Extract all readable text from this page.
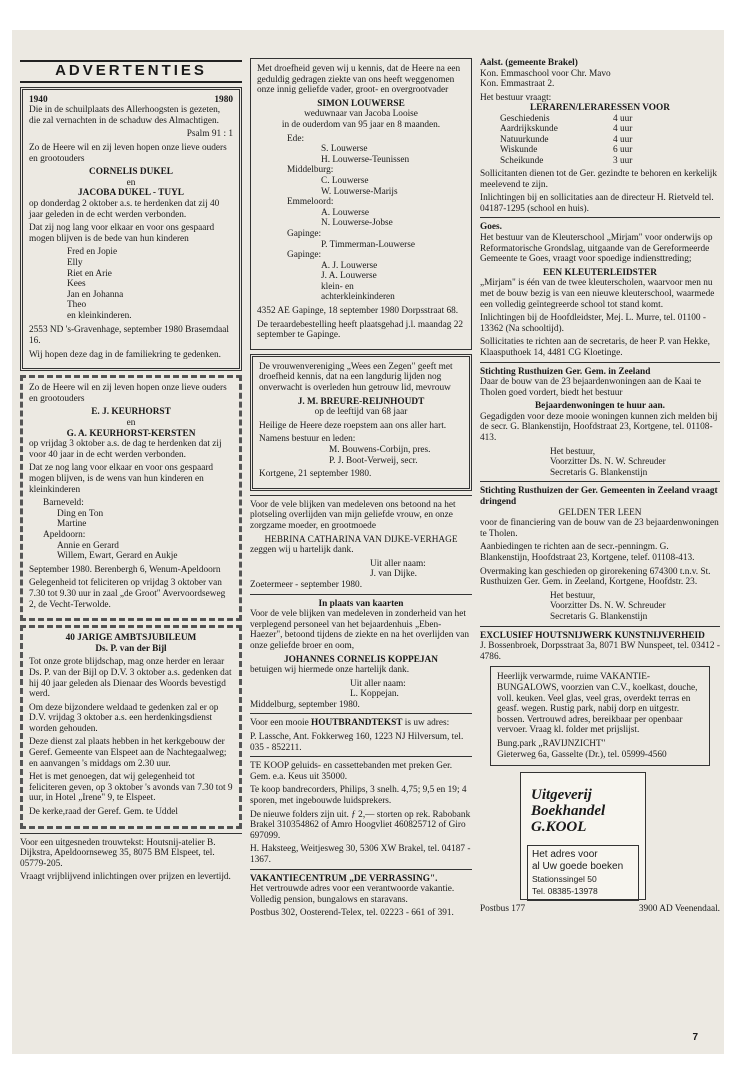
ADVERTENTIES
1940	1980

Die in de schuilplaats des Allerhoogsten is gezeten, die zal vernachten in de schaduw des Almachtigen.

Psalm 91 : 1

Zo de Heere wil en zij leven hopen onze lieve ouders en grootouders

CORNELIS DUKEL
en
JACOBA DUKEL - TUYL

op donderdag 2 oktober a.s. te herdenken dat zij 40 jaar geleden in de echt werden verbonden.

Dat zij nog lang voor elkaar en voor ons gespaard mogen blijven is de bede van hun kinderen

Fred en Jopie
Elly
Riet en Arie
Kees
Jan en Johanna
Theo
en kleinkinderen.

2553 ND 's-Gravenhage, september 1980 Brasemdaal 16.

Wij hopen deze dag in de familiekring te gedenken.

Zo de Heere wil en zij leven hopen onze lieve ouders en grootouders

E. J. KEURHORST
en
G. A. KEURHORST-KERSTEN

op vrijdag 3 oktober a.s. de dag te herdenken dat zij voor 40 jaar in de echt werden verbonden.

Dat ze nog lang voor elkaar en voor ons gespaard mogen blijven, is de wens van hun kinderen en kleinkinderen

Barneveld:
Ding en Ton
Martine
Apeldoorn:
Annie en Gerard
Willem, Ewart, Gerard en Aukje

September 1980. Berenbergh 6, Wenum-Apeldoorn

Gelegenheid tot feliciteren op vrijdag 3 oktober van 7.30 tot 9.30 uur in zaal „de Groot" Avervoordseweg 2, de Vecht-Terwolde.

40 JARIGE AMBTSJUBILEUM
Ds. P. van der Bijl

Tot onze grote blijdschap, mag onze herder en leraar Ds. P. van der Bijl op D.V. 3 oktober a.s. gedenken dat hij 40 jaar geleden als Dienaar des Woords bevestigd werd.

Om deze bijzondere weldaad te gedenken zal er op D.V. vrijdag 3 oktober a.s. een herdenkingsdienst worden gehouden.

Deze dienst zal plaats hebben in het kerkgebouw der Geref. Gemeente van Elspeet aan de Nachtegaalweg; en aanvangen 's middags om 2.30 uur.

Het is met genoegen, dat wij gelegenheid tot feliciteren geven, op 3 oktober 's avonds van 7.30 tot 9 uur, in Hotel „Irene" 9, te Elspeet.

De kerke,raad der Geref. Gem. te Uddel

Voor een uitgesneden trouwtekst: Houtsnij-atelier B. Dijkstra, Apeldoornseweg 35, 8075 BM Elspeet, tel. 05779-205.

Vraagt vrijblijvend inlichtingen over prijzen en levertijd.

Met droefheid geven wij u kennis, dat de Heere na een geduldig gedragen ziekte van ons heeft weggenomen onze innig geliefde vader, groot- en overgrootvader

SIMON LOUWERSE
weduwnaar van Jacoba Looise
in de ouderdom van 95 jaar en 8 maanden.
Ede:
S. Louwerse
H. Louwerse-Teunissen
Middelburg:
C. Louwerse
W. Louwerse-Marijs
Emmeloord:
A. Louwerse
N. Louwerse-Jobse
Gapinge:
P. Timmerman-Louwerse
Gapinge:
A. J. Louwerse
J. A. Louwerse
klein- en
achterkleinkinderen

4352 AE Gapinge, 18 september 1980 Dorpsstraat 68.

De teraardebestelling heeft plaatsgehad j.l. maandag 22 september te Gapinge.

De vrouwenvereniging „Wees een Zegen" geeft met droefheid kennis, dat na een langdurig lijden nog onverwacht is overleden hun getrouw lid, mevrouw

J. M. BREURE-REIJNHOUDT
op de leeftijd van 68 jaar

Heilige de Heere deze roepstem aan ons aller hart.

Namens bestuur en leden:
M. Bouwens-Corbijn, pres.
P. J. Boot-Verweij, secr.

Kortgene, 21 september 1980.

Voor de vele blijken van medeleven ons betoond na het plotseling overlijden van mijn geliefde vrouw, en onze zorgzame moeder, en grootmoede

HEBRINA CATHARINA VAN DIJKE-VERHAGE

zeggen wij u hartelijk dank.

Uit aller naam:
J. van Dijke.

Zoetermeer - september 1980.

In plaats van kaarten

Voor de vele blijken van medeleven in zonderheid van het verplegend personeel van het bejaardenhuis „Eben-Haezer", betoond tijdens de ziekte en na het overlijden van onze geliefde broer en oom,

JOHANNES CORNELIS KOPPEJAN

betuigen wij hiermede onze hartelijk dank.

Uit aller naam:
L. Koppejan.

Middelburg, september 1980.

Voor een mooie HOUTBRANDTEKST is uw adres:

P. Lassche, Ant. Fokkerweg 160, 1223 NJ Hilversum, tel. 035 - 852211.

TE KOOP geluids- en cassettebanden met preken Ger. Gem. e.a. Keus uit 35000.

Te koop bandrecorders, Philips, 3 snelh. 4,75; 9,5 en 19; 4 sporen, met ingebouwde luidsprekers.

De nieuwe folders zijn uit. ƒ 2,— storten op rek. Rabobank Brakel 310354862 of Amro Hoogvliet 460825712 of Giro 697099.

H. Haksteeg, Weitjesweg 30, 5306 XW Brakel, tel. 04187 - 1367.

VAKANTIECENTRUM „DE VERRASSING".

Het vertrouwde adres voor een verantwoorde vakantie. Volledig pension, bungalows en staravans.

Postbus 302, Oosterend-Telex, tel. 02223 - 661 of 391.

Aalst. (gemeente Brakel)
Kon. Emmaschool voor Chr. Mavo
Kon. Emmastraat 2.
Het bestuur vraagt:
LERAREN/LERARESSEN VOOR
Geschiedenis	4 uur
Aardrijkskunde	4 uur
Natuurkunde	4 uur
Wiskunde	6 uur
Scheikunde	3 uur

Sollicitanten dienen tot de Ger. gezindte te behoren en kerkelijk meelevend te zijn.

Inlichtingen bij en sollicitaties aan de directeur H. Rietveld tel. 04187-1295 (school en huis).

Goes.

Het bestuur van de Kleuterschool „Mirjam" voor onderwijs op Reformatorische Grondslag, uitgaande van de Gereformeerde Gemeente te Goes, vraagt voor spoedige indiensttreding;

EEN KLEUTERLEIDSTER

„Mirjam" is één van de twee kleuterscholen, waarvoor men nu met de bouw bezig is van een nieuwe kleuterschool, waarmede een volledig geïntegreerde school tot stand komt.

Inlichtingen bij de Hoofdleidster, Mej. L. Murre, tel. 01100 - 13362 (Na schooltijd).

Sollicitaties te richten aan de secretaris, de heer P. van Hekke, Klaasputhoek 14, 4481 CG Kloetinge.

Stichting Rusthuizen Ger. Gem. in Zeeland

Daar de bouw van de 23 bejaardenwoningen aan de Kaai te Tholen goed vordert, biedt het bestuur

Bejaardenwoningen te huur aan.

Gegadigden voor deze mooie woningen kunnen zich melden bij de secr. G. Blankenstijn, Hoofdstraat 23, Kortgene, tel. 01108-413.

Het bestuur,
Voorzitter Ds. N. W. Schreuder
Secretaris G. Blankenstijn
Stichting Rusthuizen der Ger. Gemeenten in Zeeland vraagt dringend
GELDEN TER LEEN

voor de financiering van de bouw van de 23 bejaardenwoningen te Tholen.

Aanbiedingen te richten aan de secr.-penningm. G. Blankenstijn, Hoofdstraat 23, Kortgene, telef. 01108-413.

Overmaking kan geschieden op girorekening 674300 t.n.v. St. Rusthuizen Ger. Gem. in Zeeland, Kortgene, Hoofdstr. 23.

Het bestuur,
Voorzitter Ds. N. W. Schreuder
Secretaris G. Blankenstijn
EXCLUSIEF HOUTSNIJWERK KUNSTNIJVERHEID

J. Bossenbroek, Dorpsstraat 3a, 8071 BW Nunspeet, tel. 03412 - 4786.

Heerlijk verwarmde, ruime VAKANTIE-BUNGALOWS, voorzien van C.V., koelkast, douche, voll. keuken. Veel glas, veel gras, overdekt terras en geasf. wegen. Rustig park, nabij dorp en uitgestr. bossen. Vertrouwd adres, bereikbaar per openbaar vervoer. Vraag kl. folder met prijslijst.

Bung.park „RAVIJNZICHT"
Gieterweg 6a, Gasselte (Dr.), tel. 05999-4560
Uitgeverij
Boekhandel
G.KOOL
Het adres voor
al Uw goede boeken
Stationssingel 50
Tel. 08385-13978
Postbus 177	3900 AD Veenendaal.
7
